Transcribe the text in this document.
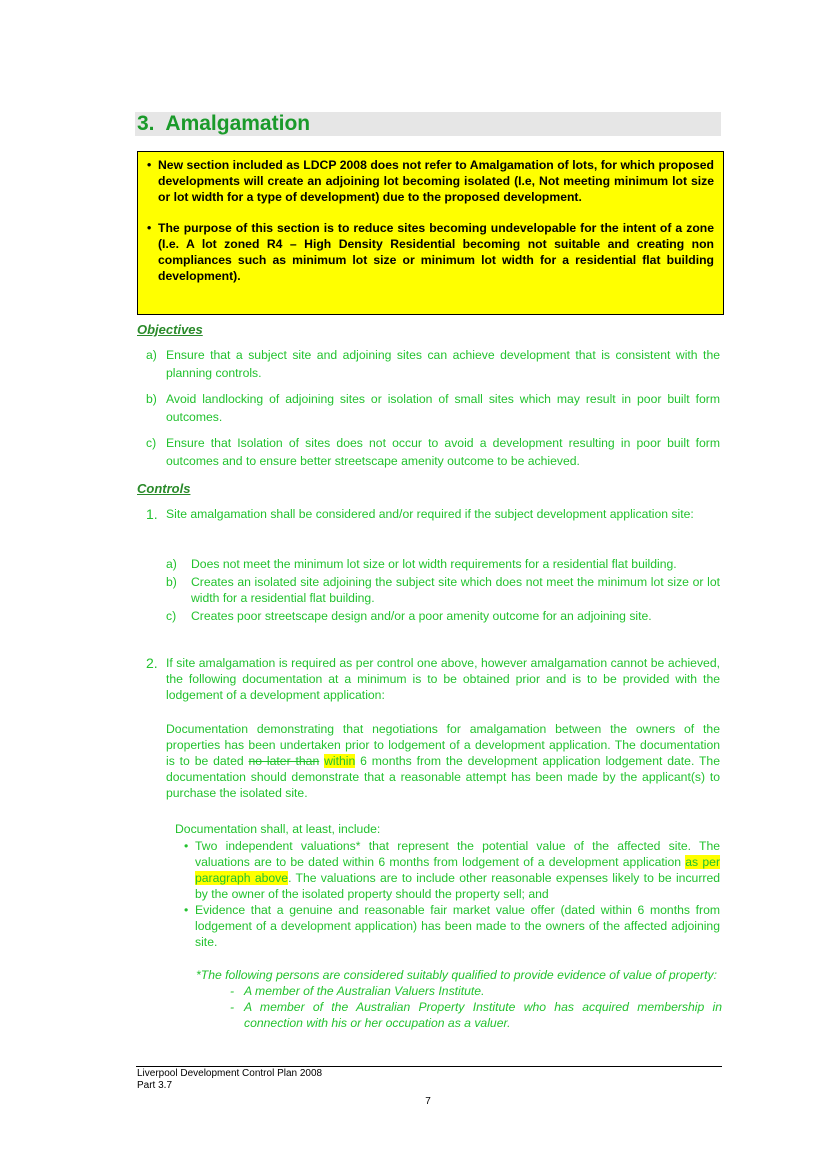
3. Amalgamation
• New section included as LDCP 2008 does not refer to Amalgamation of lots, for which proposed developments will create an adjoining lot becoming isolated (I.e, Not meeting minimum lot size or lot width for a type of development) due to the proposed development.
• The purpose of this section is to reduce sites becoming undevelopable for the intent of a zone (I.e. A lot zoned R4 – High Density Residential becoming not suitable and creating non compliances such as minimum lot size or minimum lot width for a residential flat building development).
Objectives
a) Ensure that a subject site and adjoining sites can achieve development that is consistent with the planning controls.
b) Avoid landlocking of adjoining sites or isolation of small sites which may result in poor built form outcomes.
c) Ensure that Isolation of sites does not occur to avoid a development resulting in poor built form outcomes and to ensure better streetscape amenity outcome to be achieved.
Controls
1. Site amalgamation shall be considered and/or required if the subject development application site:
a)	Does not meet the minimum lot size or lot width requirements for a residential flat building.
b)	Creates an isolated site adjoining the subject site which does not meet the minimum lot size or lot width for a residential flat building.
c)	Creates poor streetscape design and/or a poor amenity outcome for an adjoining site.
2. If site amalgamation is required as per control one above, however amalgamation cannot be achieved, the following documentation at a minimum is to be obtained prior and is to be provided with the lodgement of a development application:
Documentation demonstrating that negotiations for amalgamation between the owners of the properties has been undertaken prior to lodgement of a development application. The documentation is to be dated no later than within 6 months from the development application lodgement date. The documentation should demonstrate that a reasonable attempt has been made by the applicant(s) to purchase the isolated site.
Documentation shall, at least, include:
• Two independent valuations* that represent the potential value of the affected site. The valuations are to be dated within 6 months from lodgement of a development application as per paragraph above. The valuations are to include other reasonable expenses likely to be incurred by the owner of the isolated property should the property sell; and
• Evidence that a genuine and reasonable fair market value offer (dated within 6 months from lodgement of a development application) has been made to the owners of the affected adjoining site.
*The following persons are considered suitably qualified to provide evidence of value of property:
- A member of the Australian Valuers Institute.
- A member of the Australian Property Institute who has acquired membership in connection with his or her occupation as a valuer.
Liverpool Development Control Plan 2008
Part 3.7
7
